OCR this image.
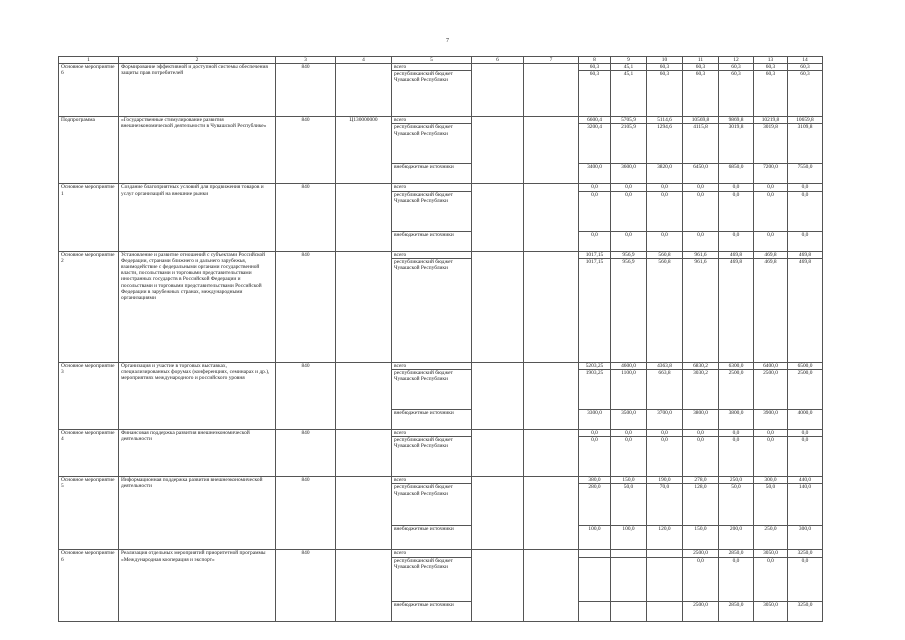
7
1	2	3	4	5	6	7	8	9	10	11	12	13	14
Основное мероприятие 6	Формирование эффективной и доступной системы обеспечения защиты прав потребителей	840		всего			60,3	45,1	60,3	60,3	60,3	60,3	60,3
				республиканский бюджет Чувашской Республики			60,3	45,1	60,3	60,3	60,3	60,3	60,3
Подпрограмма	«Государственные стимулирование развития внешнеэкономической деятельности в Чувашской Республике»	840	Ц130000000	всего			6600,4	5705,9	5114,6	10569,8	9869,8	10219,8	10659,8
				республиканский бюджет Чувашской Республики			3200,4	2105,9	1294,6	4115,8	3019,8	3019,8	3109,8
				внебюджетные источники			3400,0	3600,0	3820,0	6450,0	6850,0	7200,0	7550,0
Основное мероприятие 1	Создание благоприятных условий для продвижения товаров и услуг организаций на внешние рынки	840		всего			0,0	0,0	0,0	0,0	0,0	0,0	0,0
				республиканский бюджет Чувашской Республики			0,0	0,0	0,0	0,0	0,0	0,0	0,0
				внебюджетные источники			0,0	0,0	0,0	0,0	0,0	0,0	0,0
Основное мероприятие 2	Установление и развитие отношений с субъектами Российской Федерации, странами ближнего и дальнего зарубежья, взаимодействие с федеральными органами государственной власти, посольствами и торговыми представительствами иностранных государств в Российской Федерации и посольствами и торговыми представительствами Российской Федерации в зарубежных странах, международными организациями	840		всего			1017,15	956,9	560,8	961,6	469,8	469,8	469,8
				республиканский бюджет Чувашской Республики			1017,15	956,9	560,8	961,6	469,8	469,8	469,8
Основное мероприятие 3	Организация и участие в торговых выставках, специализированных форумах (конференциях, семинарах и др.), мероприятиях международного и российского уровня	840		всего			5203,25	4600,0	4363,8	6830,2	6300,0	6400,0	6500,0
				республиканский бюджет Чувашской Республики			1903,25	1100,0	663,8	3030,2	2500,0	2500,0	2500,0
				внебюджетные источники			3300,0	3500,0	3700,0	3800,0	3800,0	3900,0	4000,0
Основное мероприятие 4	Финансовая поддержка развития внешнеэкономической деятельности	840		всего			0,0	0,0	0,0	0,0	0,0	0,0	0,0
				республиканский бюджет Чувашской Республики			0,0	0,0	0,0	0,0	0,0	0,0	0,0
Основное мероприятие 5	Информационная поддержка развития внешнеэкономической деятельности	840		всего			380,0	150,0	190,0	278,0	250,0	300,0	440,0
				республиканский бюджет Чувашской Республики			280,0	50,0	70,0	128,0	50,0	50,0	140,0
				внебюджетные источники			100,0	100,0	120,0	150,0	200,0	250,0	300,0
Основное мероприятие 6	Реализация отдельных мероприятий приоритетной программы «Международная кооперация и экспорт»	840		всего						2500,0	2850,0	3050,0	3250,0
				республиканский бюджет Чувашской Республики						0,0	0,0	0,0	0,0
				внебюджетные источники						2500,0	2850,0	3050,0	3250,0
